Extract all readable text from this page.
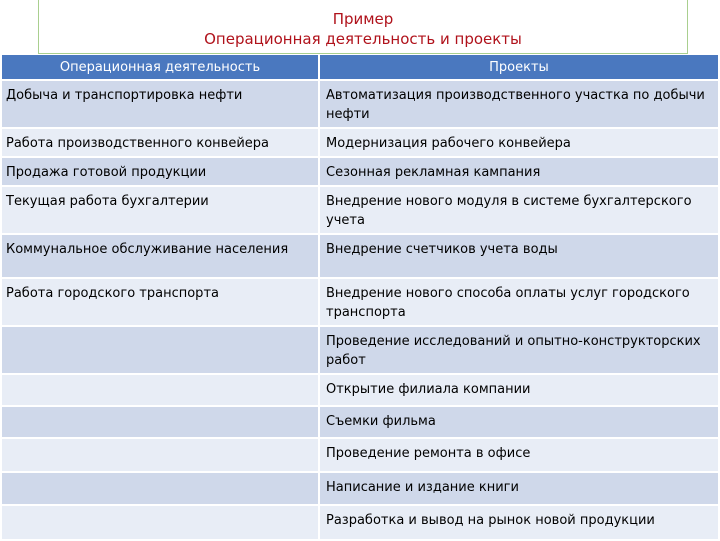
Пример
Операционная деятельность и проекты
Операционная деятельность	Проекты
Добыча и транспортировка нефти	Автоматизация производственного участка по добычи нефти
Работа производственного конвейера	Модернизация рабочего конвейера
Продажа готовой продукции	Сезонная рекламная кампания
Текущая работа бухгалтерии	Внедрение нового модуля в системе бухгалтерского учета
Коммунальное обслуживание населения	Внедрение счетчиков учета воды
Работа городского транспорта	Внедрение нового способа оплаты услуг городского транспорта
	Проведение исследований и опытно-конструкторских работ
	Открытие филиала компании
	Съемки фильма
	Проведение ремонта в офисе
	Написание и издание книги
	Разработка и вывод на рынок новой продукции
